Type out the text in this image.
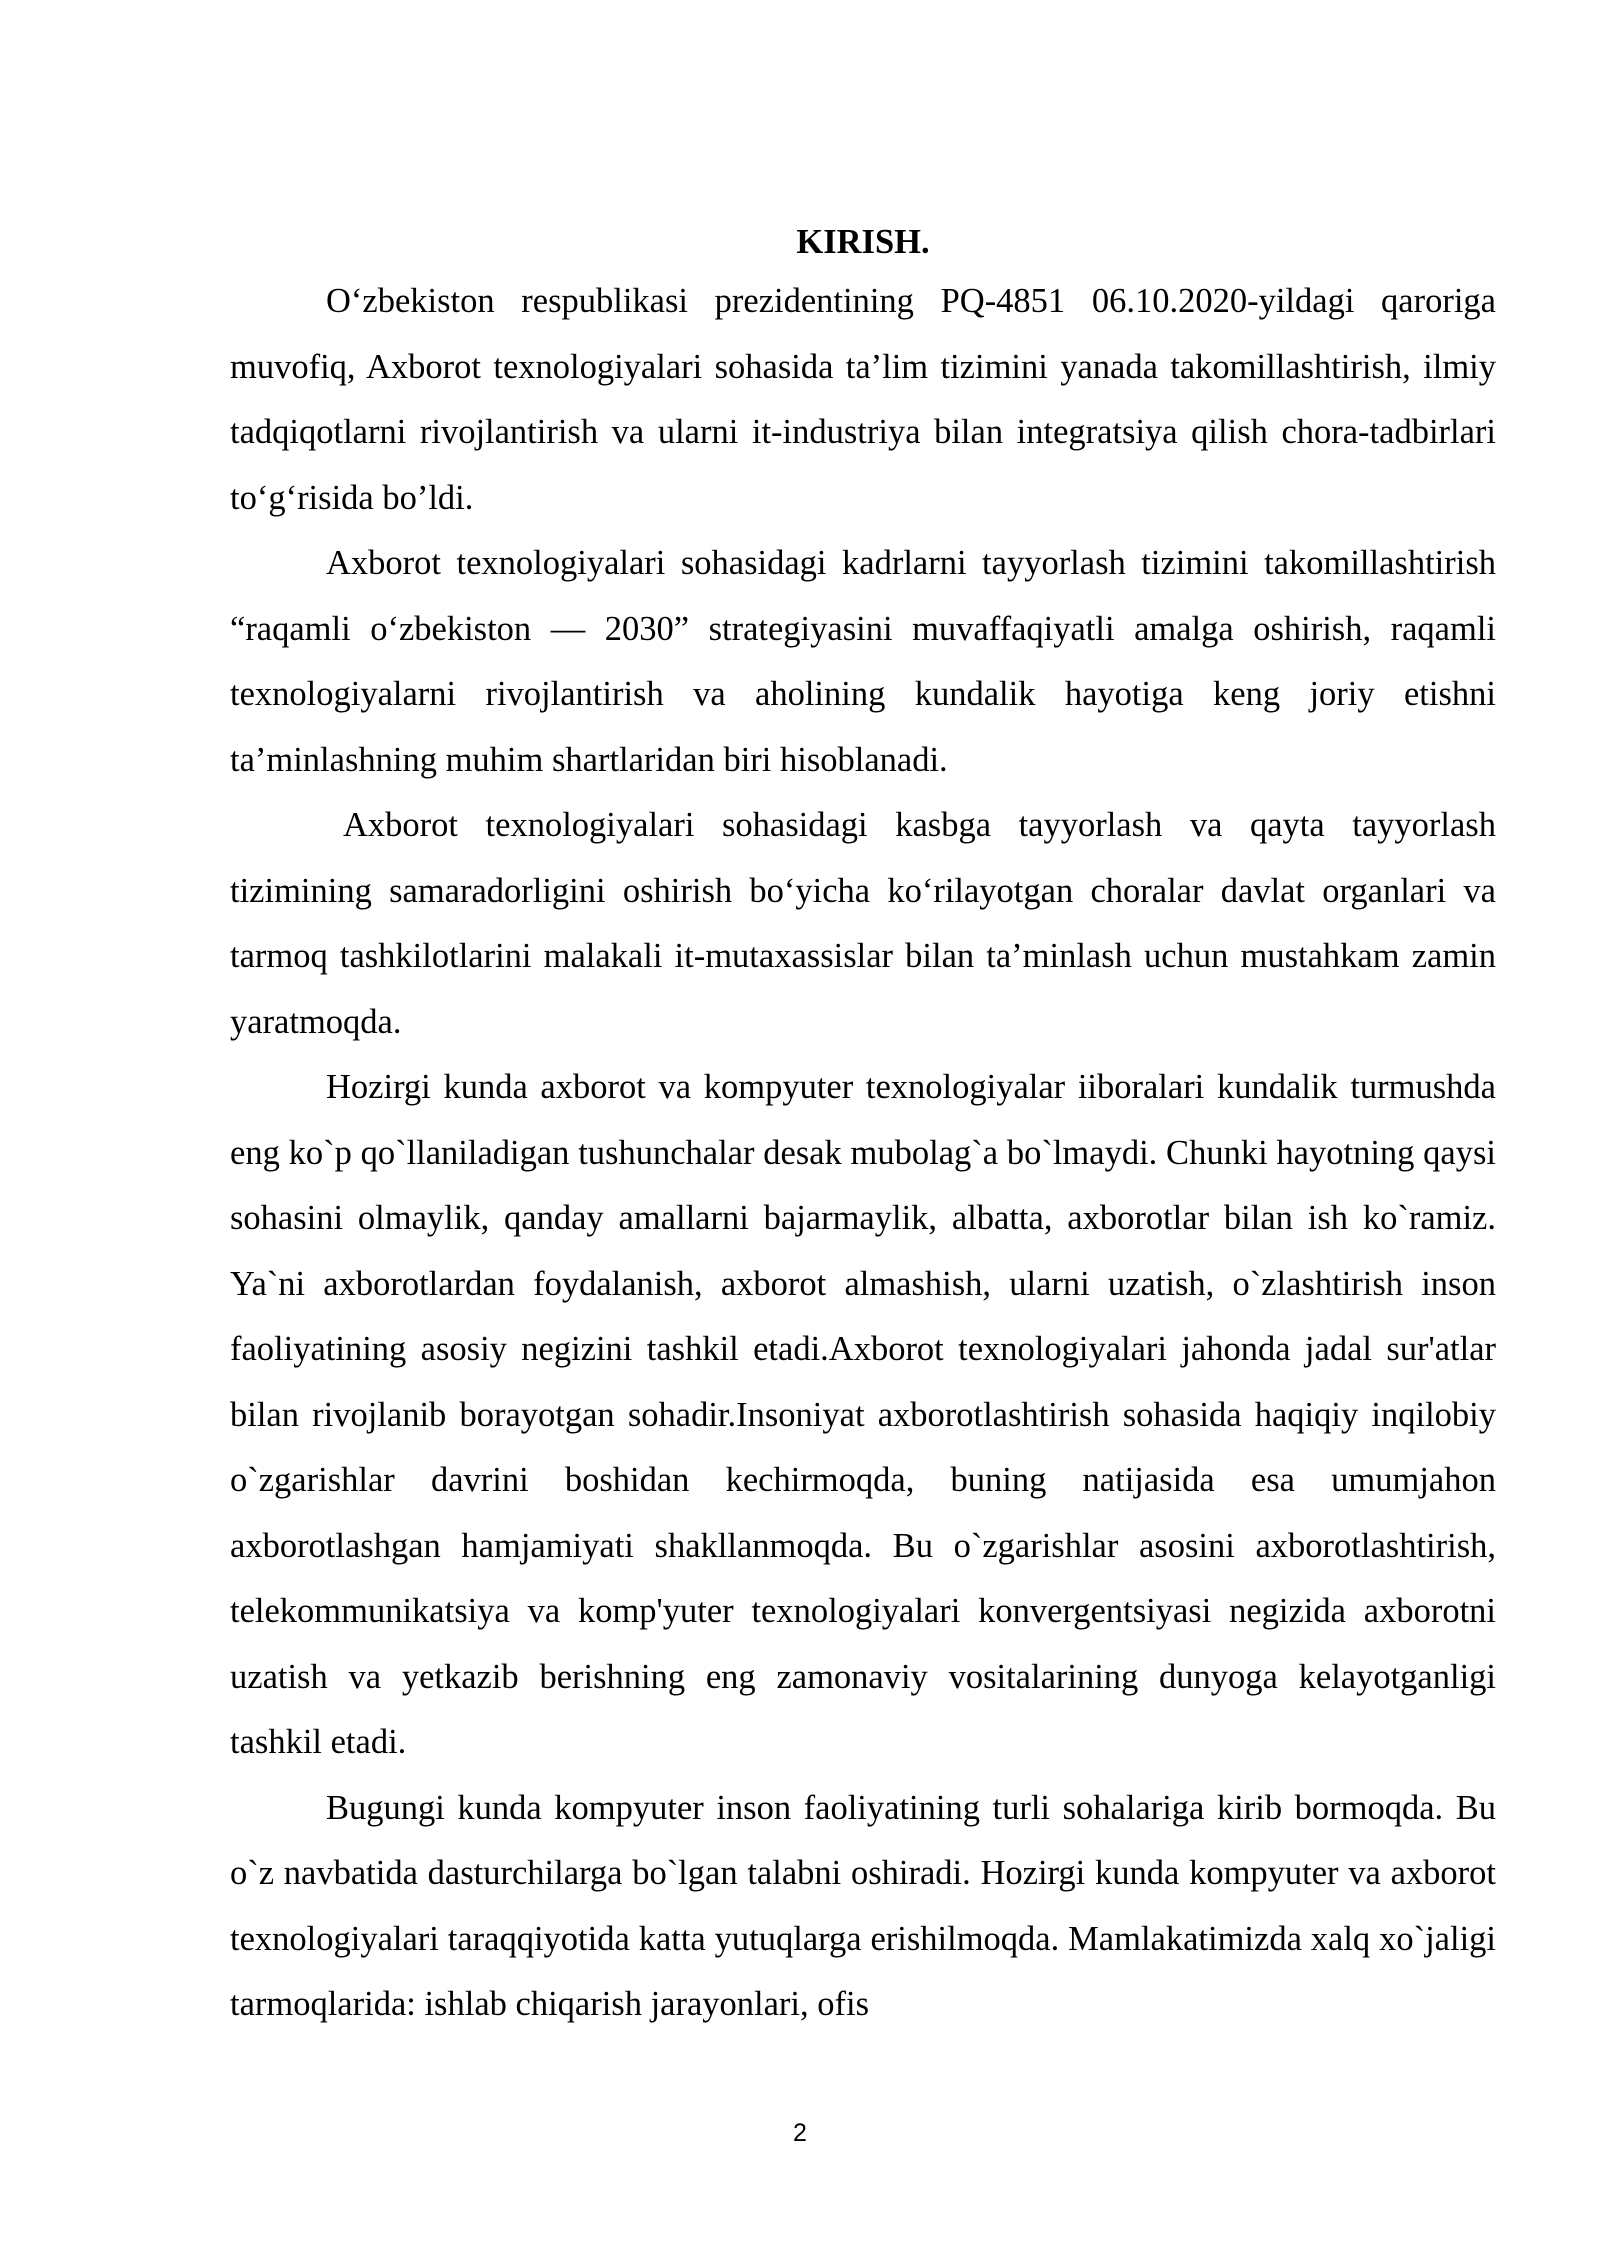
KIRISH.

O‘zbekiston respublikasi prezidentining PQ-4851 06.10.2020-yildagi qaroriga muvofiq, Axborot texnologiyalari sohasida ta’lim tizimini yanada takomillashtirish, ilmiy tadqiqotlarni rivojlantirish va ularni it-industriya bilan integratsiya qilish chora-tadbirlari to‘g‘risida bo’ldi.

Axborot texnologiyalari sohasidagi kadrlarni tayyorlash tizimini takomillashtirish “raqamli o‘zbekiston — 2030” strategiyasini muvaffaqiyatli amalga oshirish, raqamli texnologiyalarni rivojlantirish va aholining kundalik hayotiga keng joriy etishni ta’minlashning muhim shartlaridan biri hisoblanadi.

Axborot texnologiyalari sohasidagi kasbga tayyorlash va qayta tayyorlash tizimining samaradorligini oshirish bo‘yicha ko‘rilayotgan choralar davlat organlari va tarmoq tashkilotlarini malakali it-mutaxassislar bilan ta’minlash uchun mustahkam zamin yaratmoqda.

Hozirgi kunda axborot va kompyuter texnologiyalar iiboralari kundalik turmushda eng ko`p qo`llaniladigan tushunchalar desak mubolag`a bo`lmaydi. Chunki hayotning qaysi sohasini olmaylik, qanday amallarni bajarmaylik, albatta, axborotlar bilan ish ko`ramiz. Ya`ni axborotlardan foydalanish, axborot almashish, ularni uzatish, o`zlashtirish inson faoliyatining asosiy negizini tashkil etadi.Axborot texnologiyalari jahonda jadal sur'atlar bilan rivojlanib borayotgan sohadir.Insoniyat axborotlashtirish sohasida haqiqiy inqilobiy o`zgarishlar davrini boshidan kechirmoqda, buning natijasida esa umumjahon axborotlashgan hamjamiyati shakllanmoqda. Bu o`zgarishlar asosini axborotlashtirish, telekommunikatsiya va komp'yuter texnologiyalari konvergentsiyasi negizida axborotni uzatish va yetkazib berishning eng zamonaviy vositalarining dunyoga kelayotganligi tashkil etadi.

Bugungi kunda kompyuter inson faoliyatining turli sohalariga kirib bormoqda. Bu o`z navbatida dasturchilarga bo`lgan talabni oshiradi. Hozirgi kunda kompyuter va axborot texnologiyalari taraqqiyotida katta yutuqlarga erishilmoqda. Mamlakatimizda xalq xo`jaligi tarmoqlarida: ishlab chiqarish jarayonlari, ofis

2
